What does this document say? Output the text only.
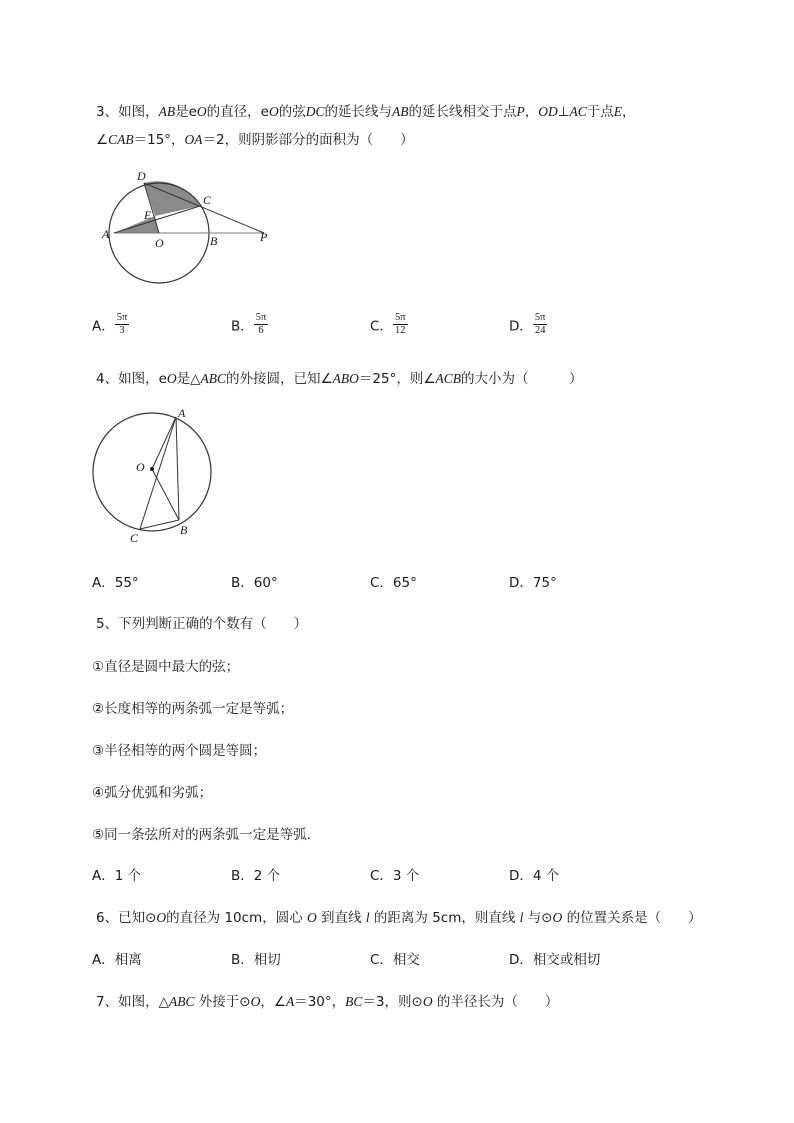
3、如图，AB是eO的直径，eO的弦DC的延长线与AB的延长线相交于点P，OD⊥AC于点E，
∠CAB＝15°，OA＝2，则阴影部分的面积为（　　）
D
C
E
A
O	B	P
A． $\frac{5\pi}{3}$	B． $\frac{5\pi}{6}$	C． $\frac{5\pi}{12}$	D． $\frac{5\pi}{24}$
4、如图，eO是△ABC的外接圆，已知∠ABO＝25°，则∠ACB的大小为（　　　）
A
O
B
C
A．55°	B．60°	C．65°	D．75°
5、下列判断正确的个数有（　　）
①直径是圆中最大的弦；
②长度相等的两条弧一定是等弧；
③半径相等的两个圆是等圆；
④弧分优弧和劣弧；
⑤同一条弦所对的两条弧一定是等弧．
A．1 个	B．2 个	C．3 个	D．4 个
6、已知⊙O的直径为 10cm，圆心 O 到直线 l 的距离为 5cm，则直线 l 与⊙O 的位置关系是（　　）
A．相离	B．相切	C．相交	D．相交或相切
7、如图，△ABC 外接于⊙O，∠A＝30°，BC＝3，则⊙O 的半径长为（　　）
